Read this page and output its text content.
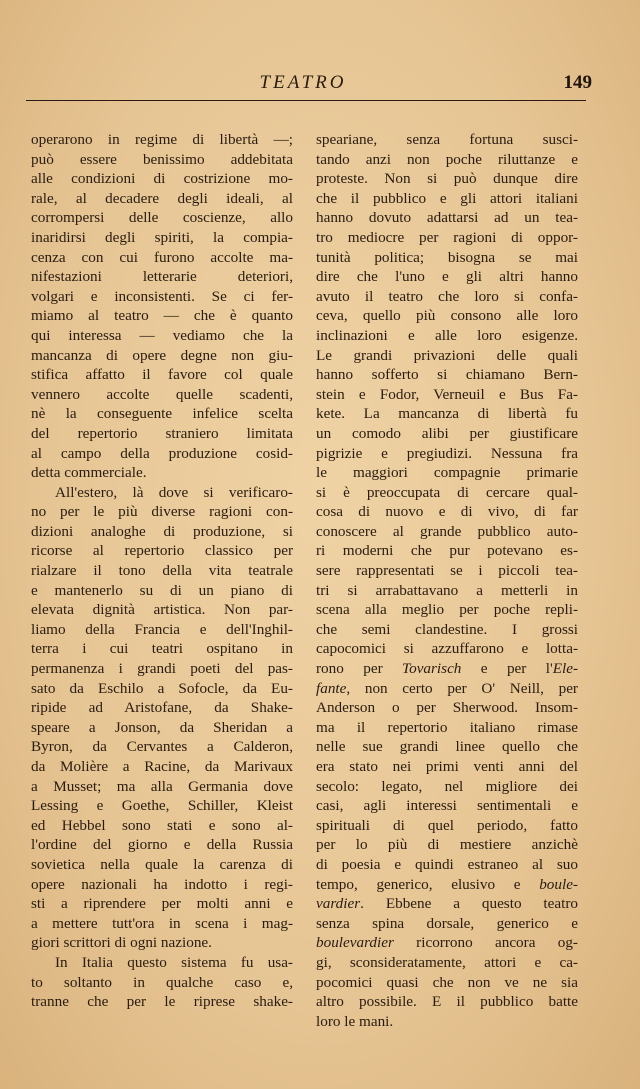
TEATRO	149
operarono in regime di libertà —;
può essere benissimo addebitata
alle condizioni di costrizione mo-
rale, al decadere degli ideali, al
corrompersi delle coscienze, allo
inaridirsi degli spiriti, la compia-
cenza con cui furono accolte ma-
nifestazioni letterarie deteriori,
volgari e inconsistenti. Se ci fer-
miamo al teatro — che è quanto
qui interessa — vediamo che la
mancanza di opere degne non giu-
stifica affatto il favore col quale
vennero accolte quelle scadenti,
nè la conseguente infelice scelta
del repertorio straniero limitata
al campo della produzione cosid-
detta commerciale.
All'estero, là dove si verificaro-
no per le più diverse ragioni con-
dizioni analoghe di produzione, si
ricorse al repertorio classico per
rialzare il tono della vita teatrale
e mantenerlo su di un piano di
elevata dignità artistica. Non par-
liamo della Francia e dell'Inghil-
terra i cui teatri ospitano in
permanenza i grandi poeti del pas-
sato da Eschilo a Sofocle, da Eu-
ripide ad Aristofane, da Shake-
speare a Jonson, da Sheridan a
Byron, da Cervantes a Calderon,
da Molière a Racine, da Marivaux
a Musset; ma alla Germania dove
Lessing e Goethe, Schiller, Kleist
ed Hebbel sono stati e sono al-
l'ordine del giorno e della Russia
sovietica nella quale la carenza di
opere nazionali ha indotto i regi-
sti a riprendere per molti anni e
a mettere tutt'ora in scena i mag-
giori scrittori di ogni nazione.
In Italia questo sistema fu usa-
to soltanto in qualche caso e,
tranne che per le riprese shake-
speariane, senza fortuna susci-
tando anzi non poche riluttanze e
proteste. Non si può dunque dire
che il pubblico e gli attori italiani
hanno dovuto adattarsi ad un tea-
tro mediocre per ragioni di oppor-
tunità politica; bisogna se mai
dire che l'uno e gli altri hanno
avuto il teatro che loro si confa-
ceva, quello più consono alle loro
inclinazioni e alle loro esigenze.
Le grandi privazioni delle quali
hanno sofferto si chiamano Bern-
stein e Fodor, Verneuil e Bus Fa-
kete. La mancanza di libertà fu
un comodo alibi per giustificare
pigrizie e pregiudizi. Nessuna fra
le maggiori compagnie primarie
si è preoccupata di cercare qual-
cosa di nuovo e di vivo, di far
conoscere al grande pubblico auto-
ri moderni che pur potevano es-
sere rappresentati se i piccoli tea-
tri si arrabattavano a metterli in
scena alla meglio per poche repli-
che semi clandestine. I grossi
capocomici si azzuffarono e lotta-
rono per Tovarisch e per l'Ele-
fante, non certo per O' Neill, per
Anderson o per Sherwood. Insom-
ma il repertorio italiano rimase
nelle sue grandi linee quello che
era stato nei primi venti anni del
secolo: legato, nel migliore dei
casi, agli interessi sentimentali e
spirituali di quel periodo, fatto
per lo più di mestiere anzichè
di poesia e quindi estraneo al suo
tempo, generico, elusivo e boule-
vardier. Ebbene a questo teatro
senza spina dorsale, generico e
boulevardier ricorrono ancora og-
gi, sconsideratamente, attori e ca-
pocomici quasi che non ve ne sia
altro possibile. E il pubblico batte
loro le mani.
